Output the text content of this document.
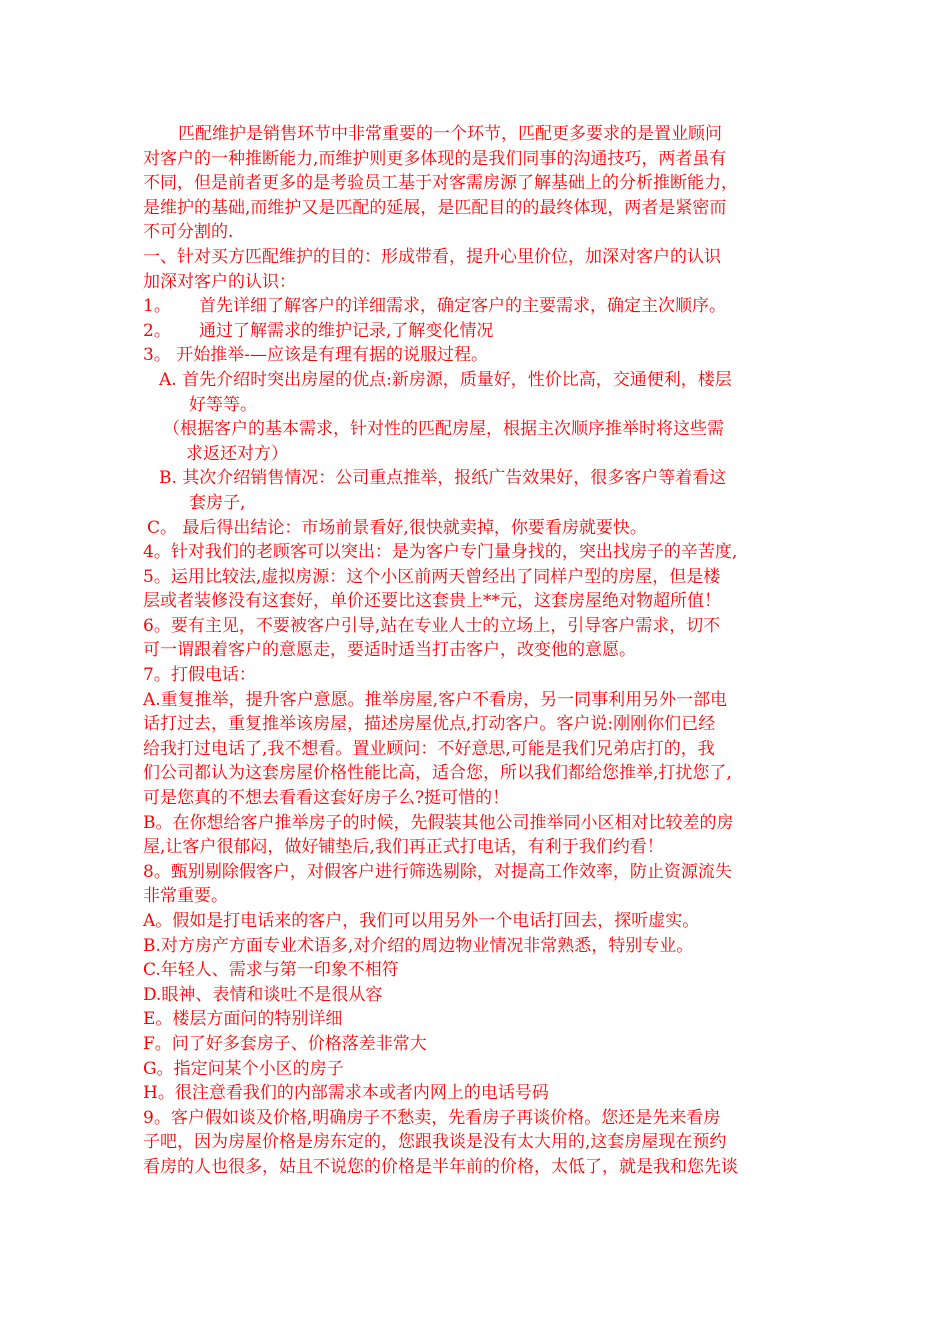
匹配维护是销售环节中非常重要的一个环节，匹配更多要求的是置业顾问

对客户的一种推断能力,而维护则更多体现的是我们同事的沟通技巧，两者虽有

不同，但是前者更多的是考验员工基于对客需房源了解基础上的分析推断能力，

是维护的基础,而维护又是匹配的延展，是匹配目的的最终体现，两者是紧密而

不可分割的.

一、针对买方匹配维护的目的：形成带看，提升心里价位，加深对客户的认识

加深对客户的认识：

1。 首先详细了解客户的详细需求，确定客户的主要需求，确定主次顺序。

2。 通过了解需求的维护记录,了解变化情况

3。 开始推举-—应该是有理有据的说服过程。

A. 首先介绍时突出房屋的优点:新房源，质量好，性价比高，交通便利，楼层

好等等。

（根据客户的基本需求，针对性的匹配房屋，根据主次顺序推举时将这些需

求返还对方）

B. 其次介绍销售情况：公司重点推举，报纸广告效果好，很多客户等着看这

套房子,

C。 最后得出结论：市场前景看好,很快就卖掉，你要看房就要快。

4。针对我们的老顾客可以突出：是为客户专门量身找的，突出找房子的辛苦度,

5。运用比较法,虚拟房源：这个小区前两天曾经出了同样户型的房屋，但是楼

层或者装修没有这套好，单价还要比这套贵上**元，这套房屋绝对物超所值！

6。要有主见，不要被客户引导,站在专业人士的立场上，引导客户需求，切不

可一谓跟着客户的意愿走，要适时适当打击客户，改变他的意愿。

7。打假电话：

A.重复推举，提升客户意愿。推举房屋,客户不看房，另一同事利用另外一部电

话打过去，重复推举该房屋，描述房屋优点,打动客户。客户说:刚刚你们已经

给我打过电话了,我不想看。置业顾问：不好意思,可能是我们兄弟店打的，我

们公司都认为这套房屋价格性能比高，适合您，所以我们都给您推举,打扰您了,

可是您真的不想去看看这套好房子么?挺可惜的！

B。在你想给客户推举房子的时候，先假装其他公司推举同小区相对比较差的房

屋,让客户很郁闷，做好铺垫后,我们再正式打电话，有利于我们约看！

8。甄别剔除假客户，对假客户进行筛选剔除，对提高工作效率，防止资源流失

非常重要。

A。假如是打电话来的客户，我们可以用另外一个电话打回去，探听虚实。

B.对方房产方面专业术语多,对介绍的周边物业情况非常熟悉，特别专业。

C.年轻人、需求与第一印象不相符

D.眼神、表情和谈吐不是很从容

E。楼层方面问的特别详细

F。问了好多套房子、价格落差非常大

G。指定问某个小区的房子

H。很注意看我们的内部需求本或者内网上的电话号码

9。客户假如谈及价格,明确房子不愁卖，先看房子再谈价格。您还是先来看房

子吧，因为房屋价格是房东定的，您跟我谈是没有太大用的,这套房屋现在预约

看房的人也很多，姑且不说您的价格是半年前的价格，太低了，就是我和您先谈
